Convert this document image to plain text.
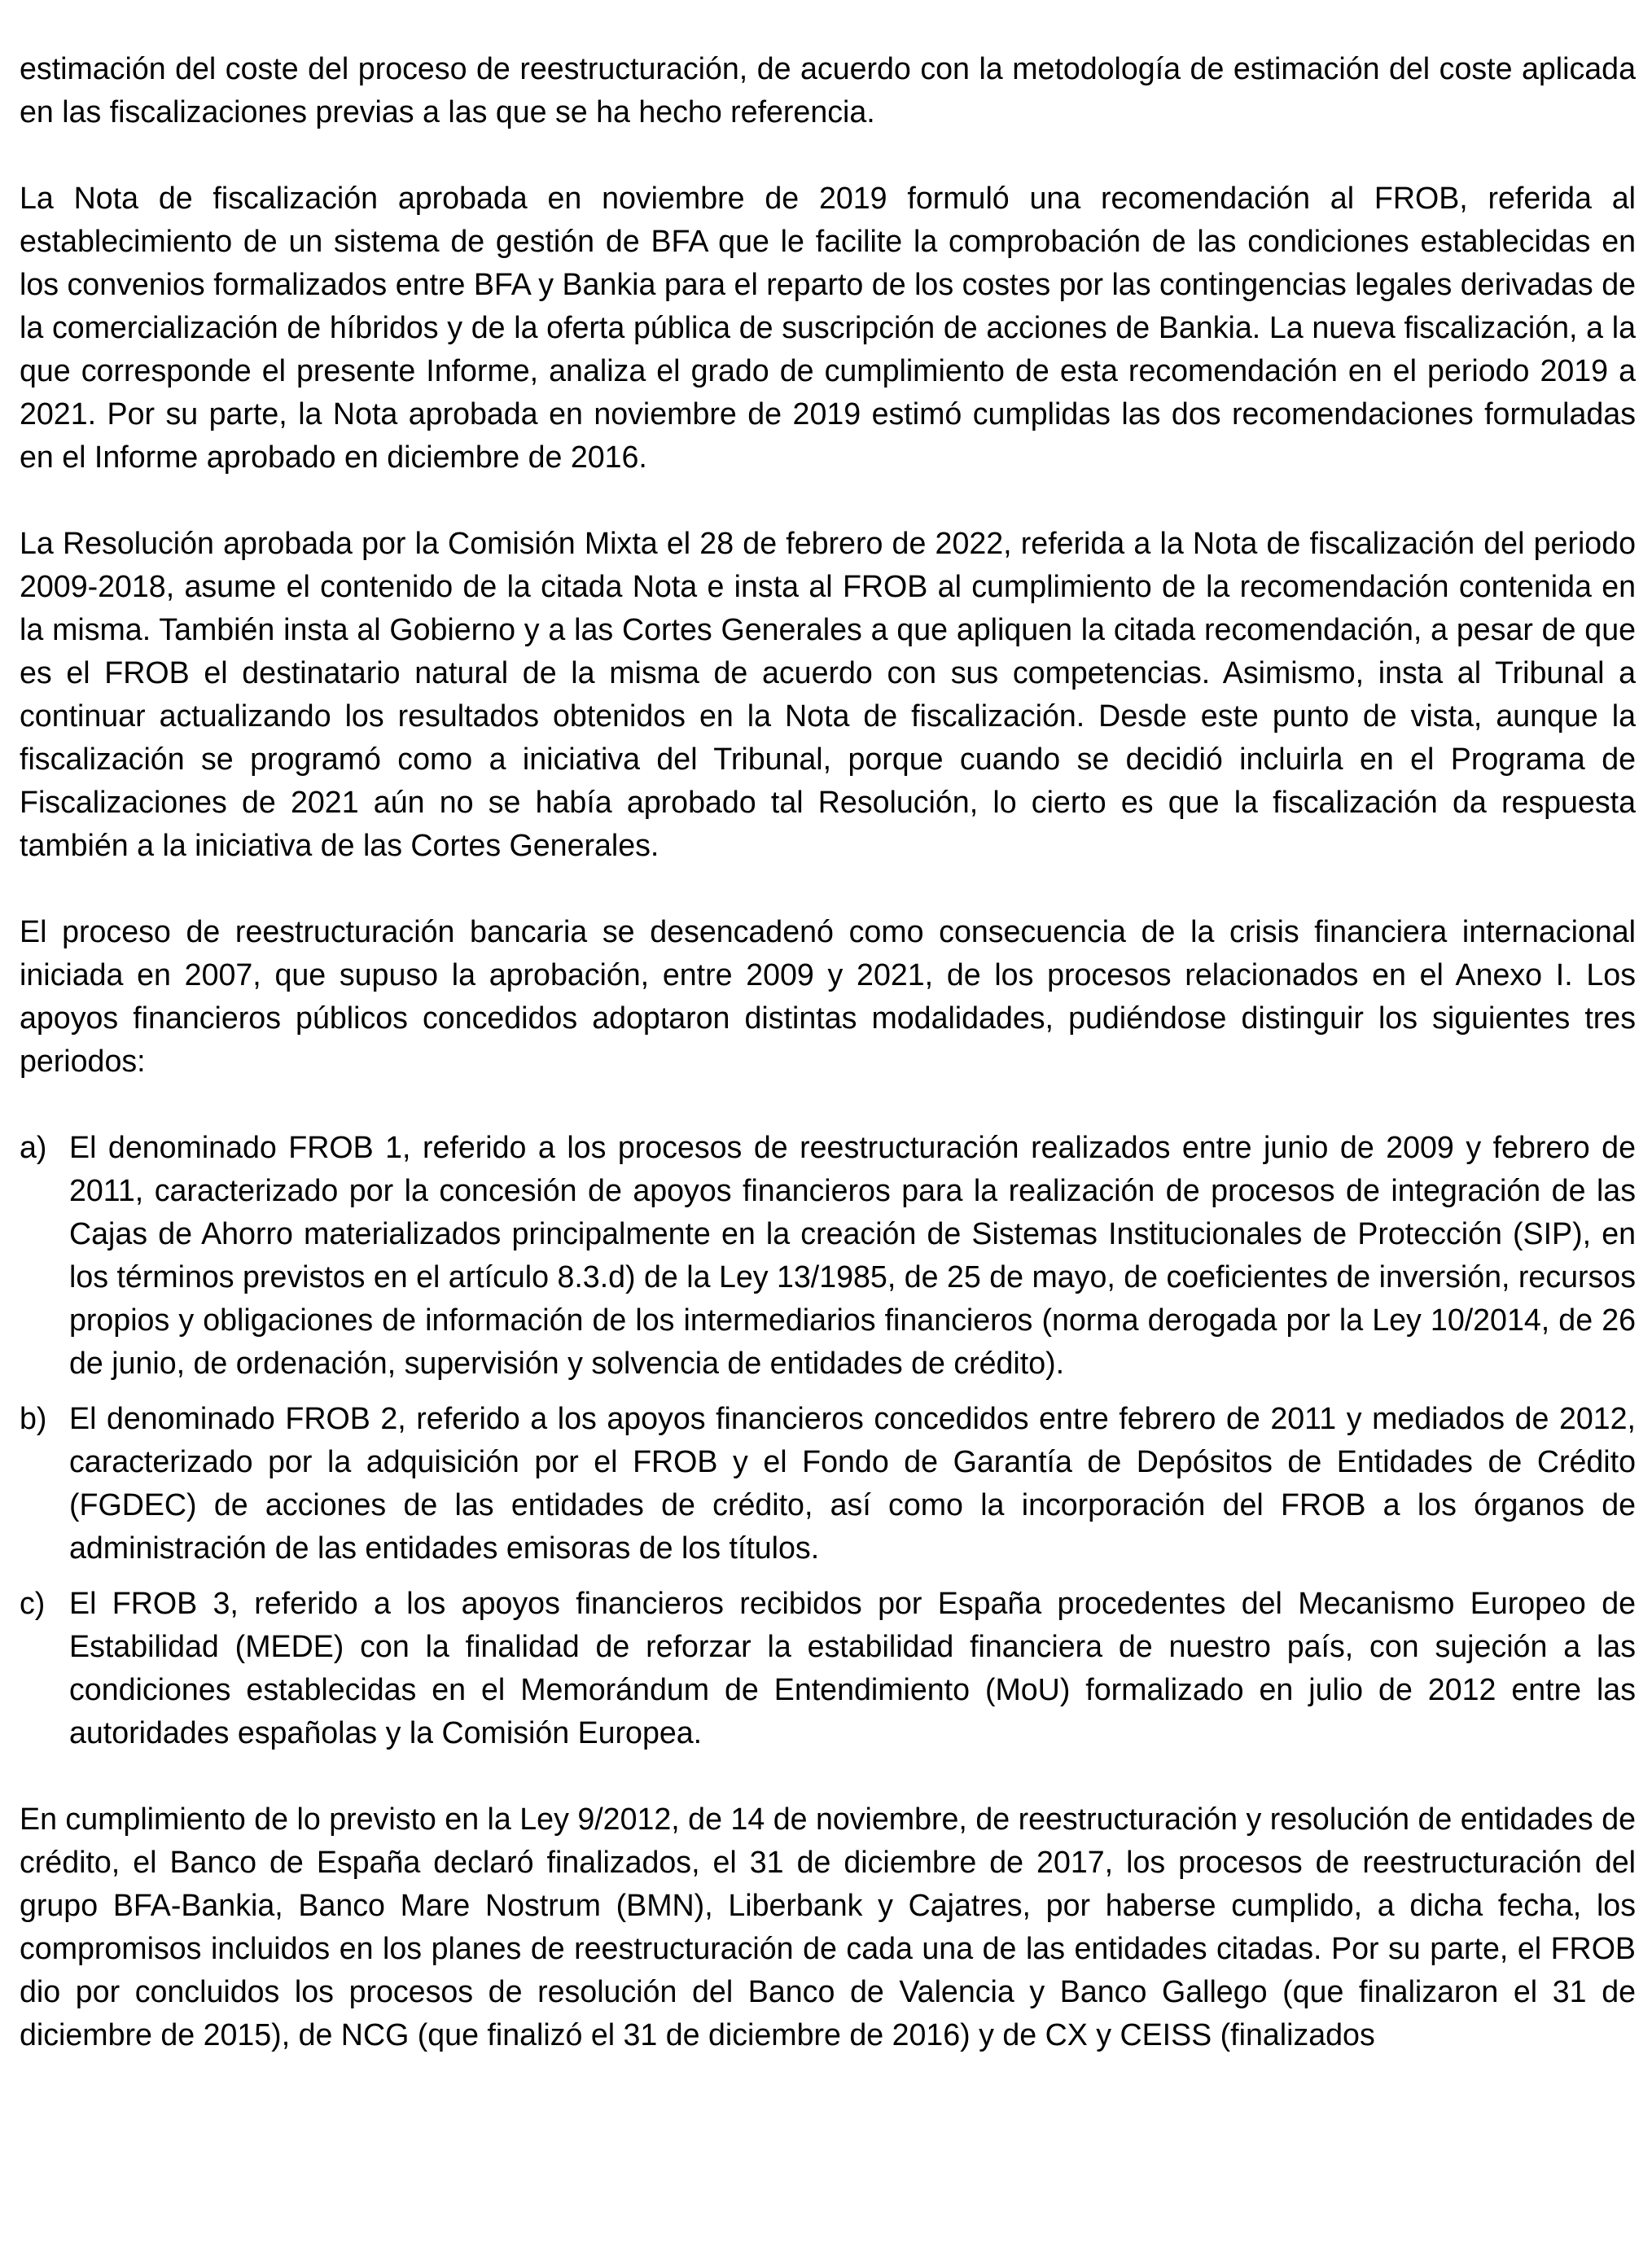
estimación del coste del proceso de reestructuración, de acuerdo con la metodología de estimación del coste aplicada en las fiscalizaciones previas a las que se ha hecho referencia.

La Nota de fiscalización aprobada en noviembre de 2019 formuló una recomendación al FROB, referida al establecimiento de un sistema de gestión de BFA que le facilite la comprobación de las condiciones establecidas en los convenios formalizados entre BFA y Bankia para el reparto de los costes por las contingencias legales derivadas de la comercialización de híbridos y de la oferta pública de suscripción de acciones de Bankia. La nueva fiscalización, a la que corresponde el presente Informe, analiza el grado de cumplimiento de esta recomendación en el periodo 2019 a 2021. Por su parte, la Nota aprobada en noviembre de 2019 estimó cumplidas las dos recomendaciones formuladas en el Informe aprobado en diciembre de 2016.

La Resolución aprobada por la Comisión Mixta el 28 de febrero de 2022, referida a la Nota de fiscalización del periodo 2009-2018, asume el contenido de la citada Nota e insta al FROB al cumplimiento de la recomendación contenida en la misma. También insta al Gobierno y a las Cortes Generales a que apliquen la citada recomendación, a pesar de que es el FROB el destinatario natural de la misma de acuerdo con sus competencias. Asimismo, insta al Tribunal a continuar actualizando los resultados obtenidos en la Nota de fiscalización. Desde este punto de vista, aunque la fiscalización se programó como a iniciativa del Tribunal, porque cuando se decidió incluirla en el Programa de Fiscalizaciones de 2021 aún no se había aprobado tal Resolución, lo cierto es que la fiscalización da respuesta también a la iniciativa de las Cortes Generales.

El proceso de reestructuración bancaria se desencadenó como consecuencia de la crisis financiera internacional iniciada en 2007, que supuso la aprobación, entre 2009 y 2021, de los procesos relacionados en el Anexo I. Los apoyos financieros públicos concedidos adoptaron distintas modalidades, pudiéndose distinguir los siguientes tres periodos:

a) El denominado FROB 1, referido a los procesos de reestructuración realizados entre junio de 2009 y febrero de 2011, caracterizado por la concesión de apoyos financieros para la realización de procesos de integración de las Cajas de Ahorro materializados principalmente en la creación de Sistemas Institucionales de Protección (SIP), en los términos previstos en el artículo 8.3.d) de la Ley 13/1985, de 25 de mayo, de coeficientes de inversión, recursos propios y obligaciones de información de los intermediarios financieros (norma derogada por la Ley 10/2014, de 26 de junio, de ordenación, supervisión y solvencia de entidades de crédito).
b) El denominado FROB 2, referido a los apoyos financieros concedidos entre febrero de 2011 y mediados de 2012, caracterizado por la adquisición por el FROB y el Fondo de Garantía de Depósitos de Entidades de Crédito (FGDEC) de acciones de las entidades de crédito, así como la incorporación del FROB a los órganos de administración de las entidades emisoras de los títulos.
c) El FROB 3, referido a los apoyos financieros recibidos por España procedentes del Mecanismo Europeo de Estabilidad (MEDE) con la finalidad de reforzar la estabilidad financiera de nuestro país, con sujeción a las condiciones establecidas en el Memorándum de Entendimiento (MoU) formalizado en julio de 2012 entre las autoridades españolas y la Comisión Europea.

En cumplimiento de lo previsto en la Ley 9/2012, de 14 de noviembre, de reestructuración y resolución de entidades de crédito, el Banco de España declaró finalizados, el 31 de diciembre de 2017, los procesos de reestructuración del grupo BFA-Bankia, Banco Mare Nostrum (BMN), Liberbank y Cajatres, por haberse cumplido, a dicha fecha, los compromisos incluidos en los planes de reestructuración de cada una de las entidades citadas. Por su parte, el FROB dio por concluidos los procesos de resolución del Banco de Valencia y Banco Gallego (que finalizaron el 31 de diciembre de 2015), de NCG (que finalizó el 31 de diciembre de 2016) y de CX y CEISS (finalizados
